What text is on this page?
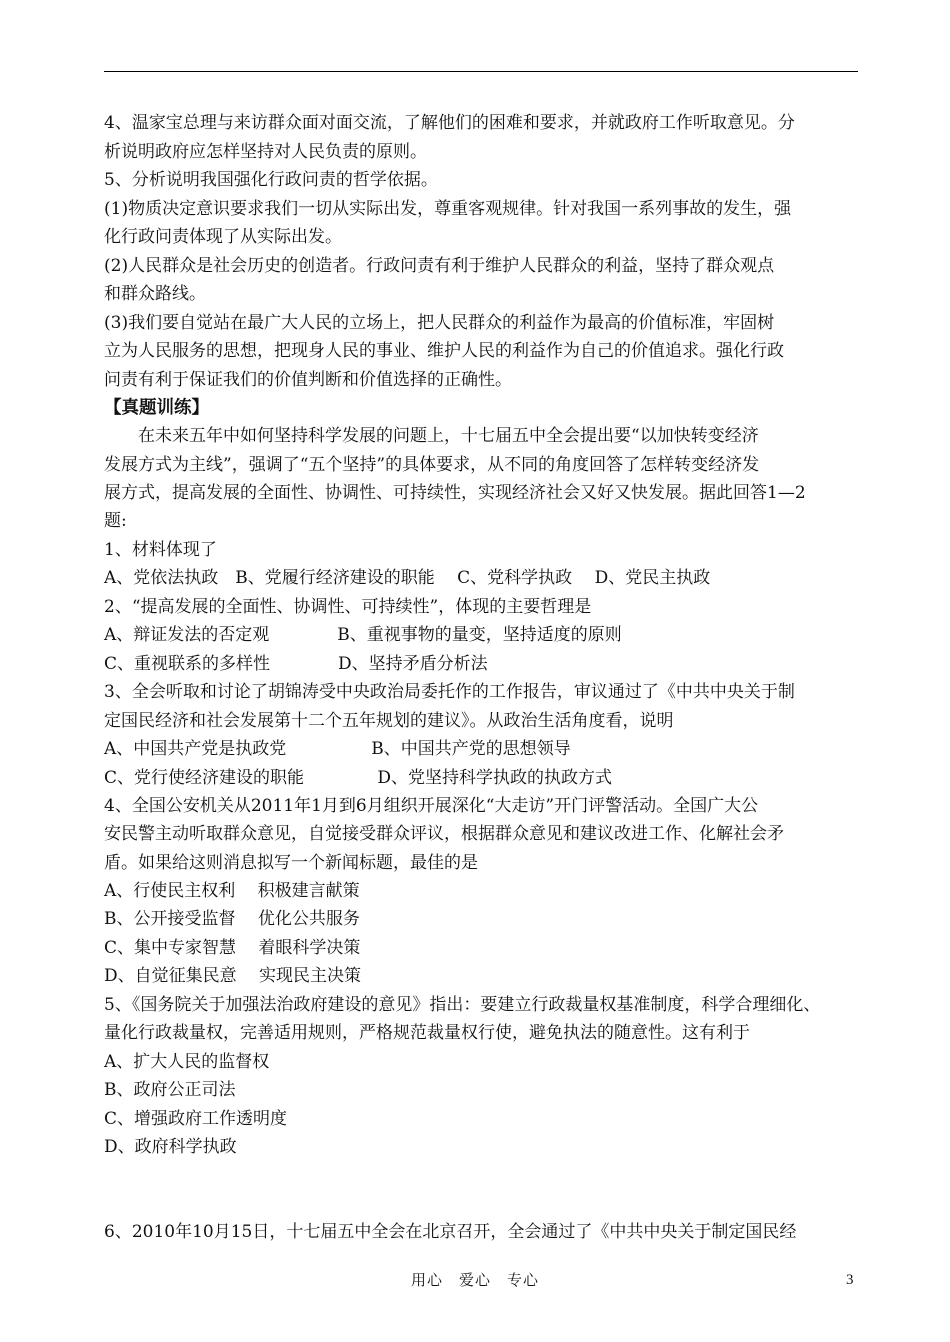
4、温家宝总理与来访群众面对面交流，了解他们的困难和要求，并就政府工作听取意见。分
析说明政府应怎样坚持对人民负责的原则。
5、分析说明我国强化行政问责的哲学依据。
(1)物质决定意识要求我们一切从实际出发，尊重客观规律。针对我国一系列事故的发生，强
化行政问责体现了从实际出发。
(2)人民群众是社会历史的创造者。行政问责有利于维护人民群众的利益，坚持了群众观点
和群众路线。
(3)我们要自觉站在最广大人民的立场上，把人民群众的利益作为最高的价值标准，牢固树
立为人民服务的思想，把现身人民的事业、维护人民的利益作为自己的价值追求。强化行政
问责有利于保证我们的价值判断和价值选择的正确性。
【真题训练】
　　在未来五年中如何坚持科学发展的问题上，十七届五中全会提出要“以加快转变经济
发展方式为主线”，强调了“五个坚持”的具体要求，从不同的角度回答了怎样转变经济发
展方式，提高发展的全面性、协调性、可持续性，实现经济社会又好又快发展。据此回答1—2
题:
1、材料体现了
A、党依法执政　B、党履行经济建设的职能　 C、党科学执政　 D、党民主执政
2、“提高发展的全面性、协调性、可持续性”，体现的主要哲理是
A、辩证发法的否定观　　　　B、重视事物的量变，坚持适度的原则
C、重视联系的多样性　　　　D、坚持矛盾分析法
3、全会听取和讨论了胡锦涛受中央政治局委托作的工作报告，审议通过了《中共中央关于制
定国民经济和社会发展第十二个五年规划的建议》。从政治生活角度看，说明
A、中国共产党是执政党　　　　　B、中国共产党的思想领导
C、党行使经济建设的职能　　　　 D、党坚持科学执政的执政方式
4、全国公安机关从2011年1月到6月组织开展深化“大走访”开门评警活动。全国广大公
安民警主动听取群众意见，自觉接受群众评议，根据群众意见和建议改进工作、化解社会矛
盾。如果给这则消息拟写一个新闻标题，最佳的是
A、行使民主权利　 积极建言献策
B、公开接受监督　 优化公共服务
C、集中专家智慧　 着眼科学决策
D、自觉征集民意　 实现民主决策
5、《国务院关于加强法治政府建设的意见》指出：要建立行政裁量权基准制度，科学合理细化、
量化行政裁量权，完善适用规则，严格规范裁量权行使，避免执法的随意性。这有利于
A、扩大人民的监督权
B、政府公正司法
C、增强政府工作透明度
D、政府科学执政
6、2010年10月15日，十七届五中全会在北京召开，全会通过了《中共中央关于制定国民经
用心　爱心　专心	3
